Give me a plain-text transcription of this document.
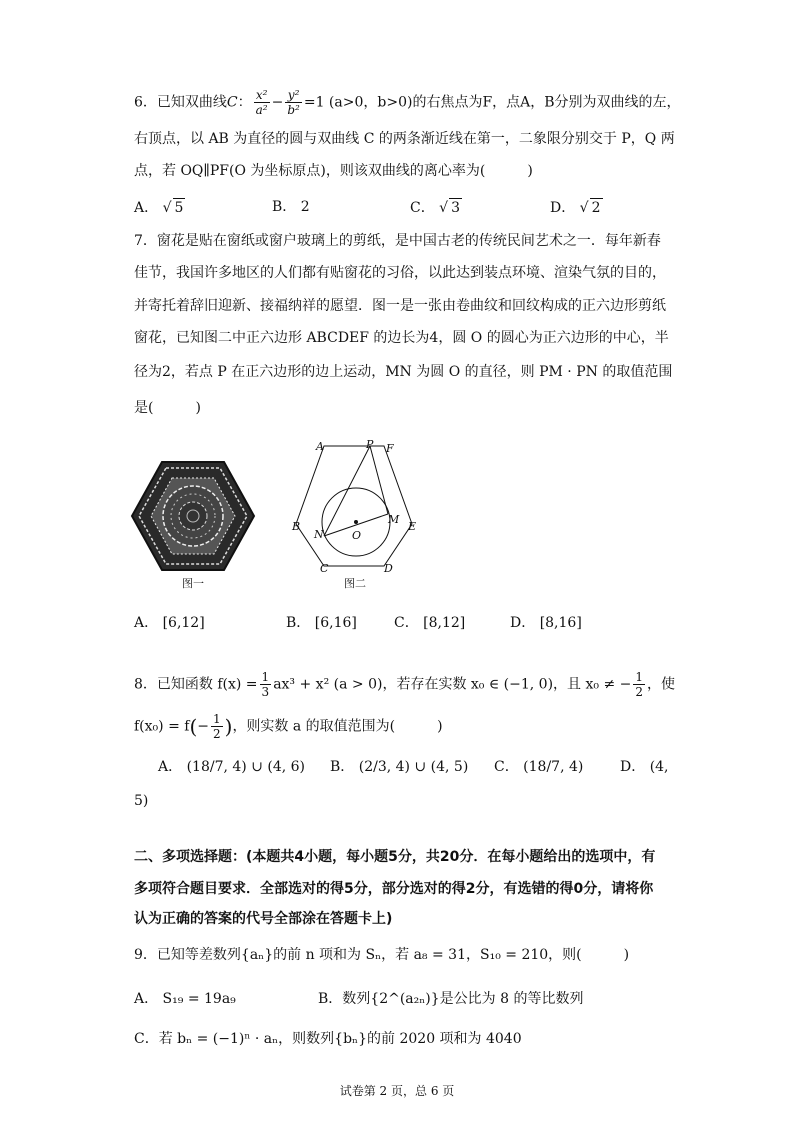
6．已知双曲线C： $\frac{\text{x²}}{\text{a²}} - \frac{\text{y²}}{\text{b²}} =1$ (a>0，b>0)的右焦点为F，点A，B分别为双曲线的左，
右顶点，以 AB 为直径的圆与双曲线 C 的两条渐近线在第一，二象限分别交于 P，Q 两
点，若 OQ∥PF(O 为坐标原点)，则该双曲线的离心率为(　　　)
A． √ 5	B． 2	C． √ 3	D． √ 2
7．窗花是贴在窗纸或窗户玻璃上的剪纸，是中国古老的传统民间艺术之一．每年新春
佳节，我国许多地区的人们都有贴窗花的习俗，以此达到装点环境、渲染气氛的目的，
并寄托着辞旧迎新、接福纳祥的愿望．图一是一张由卷曲纹和回纹构成的正六边形剪纸
窗花，已知图二中正六边形 ABCDEF 的边长为4，圆 O 的圆心为正六边形的中心，半
径为2，若点 P 在正六边形的边上运动，MN 为圆 O 的直径，则 PM · PN 的取值范围
是(　　　)
图一
A	P F
B
N	O
M
E
C	D
图二
A． [6,12]	B． [6,16]	C． [8,12]	D． [8,16]
8．已知函数 $f(x) = \frac{1}{3} ax^3 + x^2$ (a > 0)，若存在实数 x₀ ∈ (−1, 0)，且 x₀ ≠ − $\frac{1}{2}$ ，使
$f(x_0) = f(- \frac{1}{2}$ )，则实数 a 的取值范围为(　　　)
A． (18/7, 4) ∪ (4, 6) B． (2/3, 4) ∪ (4, 5) C． (18/7, 4)	D． (4,
5)
二、多项选择题：(本题共4小题，每小题5分，共20分．在每小题给出的选项中，有
多项符合题目要求．全部选对的得5分，部分选对的得2分，有选错的得0分，请将你
认为正确的答案的代号全部涂在答题卡上)
9．已知等差数列{aₙ}的前 n 项和为 Sₙ，若 a₈ = 31，S₁₀ = 210，则(　　　)
A． S₁₉ = 19a₉	B．数列{2^(a₂ₙ)}是公比为 8 的等比数列
C．若 bₙ = (−1)ⁿ · aₙ，则数列{bₙ}的前 2020 项和为 4040
试卷第 2 页，总 6 页
